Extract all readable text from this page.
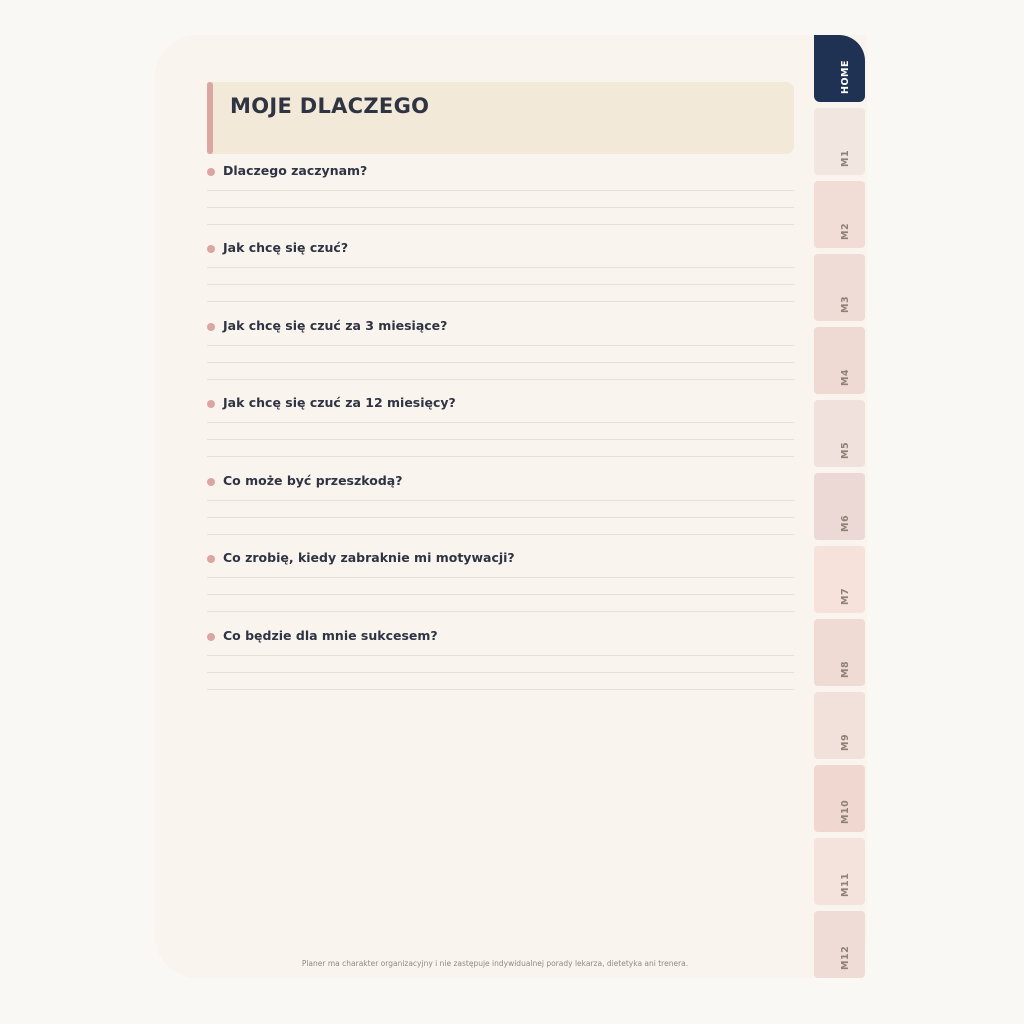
MOJE DLACZEGO
Dlaczego zaczynam?
Jak chcę się czuć?
Jak chcę się czuć za 3 miesiące?
Jak chcę się czuć za 12 miesięcy?
Co może być przeszkodą?
Co zrobię, kiedy zabraknie mi motywacji?
Co będzie dla mnie sukcesem?
Planer ma charakter organizacyjny i nie zastępuje indywidualnej porady lekarza, dietetyka ani trenera.
HOME
M1
M2
M3
M4
M5
M6
M7
M8
M9
M10
M11
M12
